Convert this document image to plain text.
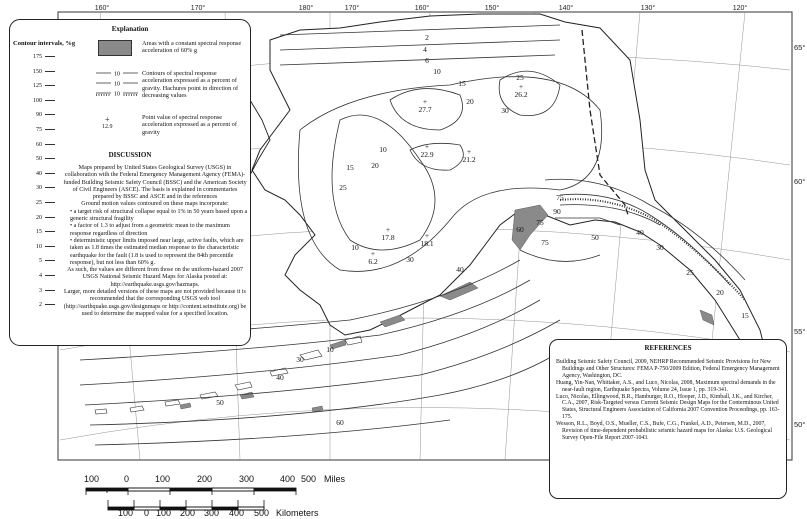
160°	170°	180°	170°	160°	150°	140°	130°	120°
65°
60°
55°
50°
2
4
6
10
15
20
25
30
10
15 20
25
10
30
40
60
75
90
75
50
40
30
25
20
15
10
30
40
50
60
75
+
27.7
+
26.2
+
22.9	+
21.2
+
17.8	+
18.1
+
6.2
Explanation
Contour intervals, %g
175
150
125
100
90
75
60
50
40
30
25
20
15
10
5
4
3
2
Areas with a constant spectral response acceleration of 60% g
10
10
10
Contours of spectral response acceleration expressed as a percent of gravity. Hachures point in direction of decreasing values
+
12.9
Point value of spectral response acceleration expressed as a percent of gravity
DISCUSSION

Maps prepared by United States Geological Survey (USGS) in collaboration with the Federal Emergency Management Agency (FEMA)-funded Building Seismic Safety Council (BSSC) and the American Society of Civil Engineers (ASCE). The basis is explained in commentaries prepared by BSSC and ASCE and in the references

Ground motion values contoured on these maps incorporate:

• a target risk of structural collapse equal to 1% in 50 years based upon a generic structural fragility
• a factor of 1.3 to adjust from a geometric mean to the maximum response regardless of direction
• deterministic upper limits imposed near large, active faults, which are taken as 1.8 times the estimated median response to the characteristic earthquake for the fault (1.8 is used to represent the 84th percentile response), but not less than 60% g.

As such, the values are different from those on the uniform-hazard 2007 USGS National Seismic Hazard Maps for Alaska posted at: http://earthquake.usgs.gov/hazmaps.

Larger, more detailed versions of these maps are not provided because it is recommended that the corresponding USGS web tool (http://earthquake.usgs.gov/designmaps or http://content.seinstitute.org) be used to determine the mapped value for a specified location.

REFERENCES
Building Seismic Safety Council, 2009, NEHRP Recommended Seismic Provisions for New Buildings and Other Structures: FEMA P-750/2009 Edition, Federal Emergency Management Agency, Washington, DC.
Huang, Yin-Nan, Whittaker, A.S., and Luco, Nicolas, 2008, Maximum spectral demands in the near-fault region, Earthquake Spectra, Volume 24, Issue 1, pp. 319-341.
Luco, Nicolas, Ellingwood, B.R., Hamburger, R.O., Hooper, J.D., Kimball, J.K., and Kircher, C.A., 2007, Risk-Targeted versus Current Seismic Design Maps for the Conterminous United States, Structural Engineers Association of California 2007 Convention Proceedings, pp. 163-175.
Wesson, R.L., Boyd, O.S., Mueller, C.S., Bufe, C.G., Frankel, A.D., Petersen, M.D., 2007, Revision of time-dependent probabilistic seismic hazard maps for Alaska: U.S. Geological Survey Open-File Report 2007-1043.
100	0	100	200	300	400 500 Miles
100 0 100 200 300 400 500 Kilometers
